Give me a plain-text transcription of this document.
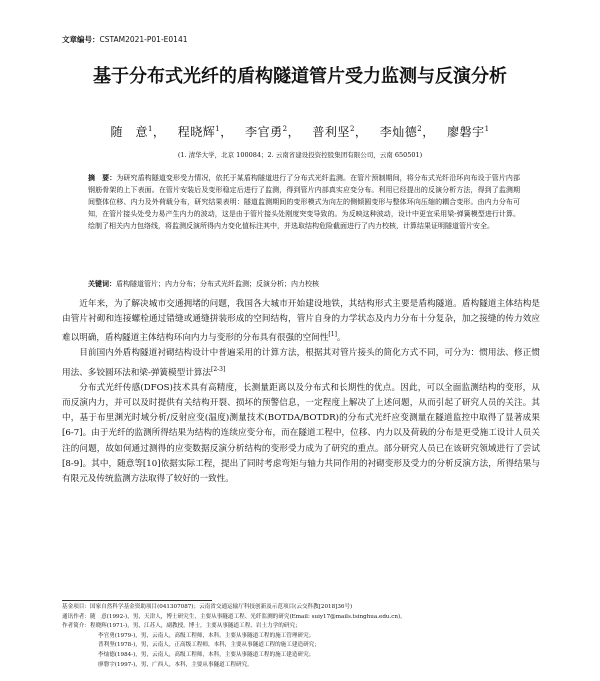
文章编号：CSTAM2021-P01-E0141
基于分布式光纤的盾构隧道管片受力监测与反演分析
随　意$^1$， 程晓辉$^1$， 李官勇$^2$， 普利坚$^2$， 李灿德$^2$， 廖磐宇$^1$
(1. 清华大学，北京 100084；2. 云南省建设投资控股集团有限公司，云南 650501)
摘　要：为研究盾构隧道变形受力情况，依托于某盾构隧道进行了分布式光纤监测。在管片预制期间，将分布式光纤沿环向布设于管片内部钢筋骨架的上下表面。在管片安装后及变形稳定后进行了监测，得到管片内部真实应变分布。利用已经提出的反演分析方法，得到了监测期间整体位移、内力及外荷载分布，研究结果表明：隧道监测期间的变形模式为向左的侧倾圆变形与整体环向压缩的耦合变形。由内力分布可知，在管片接头处受力易产生内力的波动，这是由于管片接头处刚度突变导致的。为反映这种波动，设计中更宜采用梁-弹簧模型进行计算。绘制了相关内力包络线，将监测反演所得内力变化值标注其中，并选取结构危险截面进行了内力校核，计算结果证明隧道管片安全。
关键词：盾构隧道管片；内力分布；分布式光纤监测；反演分析；内力校核

近年来，为了解决城市交通拥堵的问题，我国各大城市开始建设地铁，其结构形式主要是盾构隧道。盾构隧道主体结构是由管片衬砌和连接螺栓通过错缝或通缝拼装形成的空间结构，管片自身的力学状态及内力分布十分复杂，加之接缝的传力效应难以明确，盾构隧道主体结构环向内力与变形的分布具有很强的空间性[1]。

目前国内外盾构隧道衬砌结构设计中普遍采用的计算方法，根据其对管片接头的简化方式不同，可分为：惯用法、修正惯用法、多铰圆环法和梁-弹簧模型计算法[2-3]

分布式光纤传感(DFOS)技术具有高精度，长测量距离以及分布式和长期性的优点。因此，可以全面监测结构的变形，从而反演内力，并可以及时提供有关结构开裂、损坏的预警信息，一定程度上解决了上述问题，从而引起了研究人员的关注。其中，基于布里渊光时域分析/反射应变(温度)测量技术(BOTDA/BOTDR)的分布式光纤应变测量在隧道监控中取得了显著成果[6-7]。由于光纤的监测所得结果为结构的连续应变分布，而在隧道工程中，位移、内力以及荷载的分布是更受施工设计人员关注的问题，故如何通过测得的应变数据反演分析结构的变形受力成为了研究的重点。部分研究人员已在该研究领域进行了尝试[8-9]。其中，随意等[10]依据实际工程，提出了同时考虑弯矩与轴力共同作用的衬砌变形及受力的分析反演方法，所得结果与有限元及传统监测方法取得了较好的一致性。

基金项目：国家自然科学基金资助项目(041307087)；云南省交通运输厅科技创新及示范项目(云交科教[2018]36号)
通讯作者：随　意(1992-)，男，天津人，博士研究生，主要从事隧道工程、光纤监测的研究(Email: suiy17@mails.tsinghua.edu.cn)。
作者简介：程晓辉(1971-)，男，江苏人，副教授，博士，主要从事隧道工程、岩土力学的研究；
李官勇(1979-)，男，云南人，高级工程师，本科，主要从事隧道工程的施工管理研究；
普利坚(1978-)，男，云南人，正高级工程师，本科，主要从事隧道工程的施工建造研究；
李灿德(1984-)，男，云南人，高级工程师，本科，主要从事隧道工程的施工建造研究；
廖磐宇(1997-)，男，广西人，本科，主要从事隧道工程研究。
